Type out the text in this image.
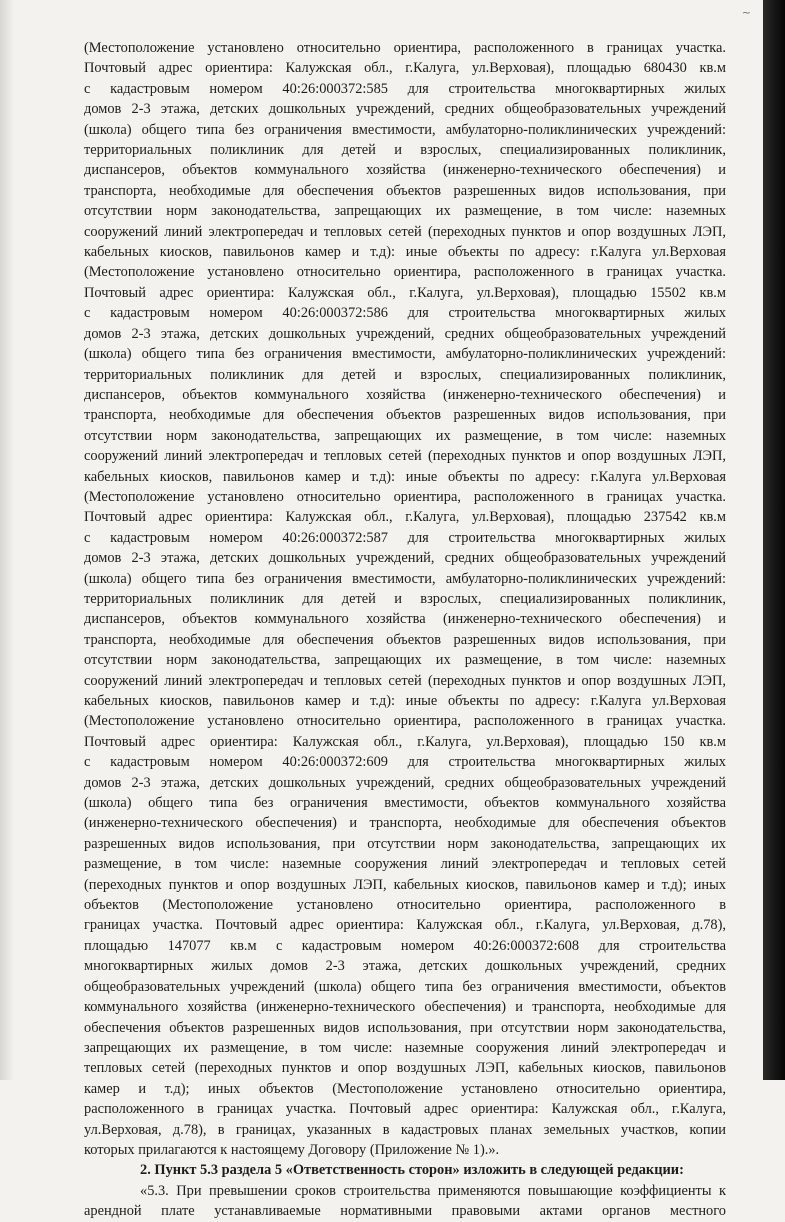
~
(Местоположение установлено относительно ориентира, расположенного в границах участка.
Почтовый адрес ориентира: Калужская обл., г.Калуга, ул.Верховая), площадью 680430 кв.м
с кадастровым номером 40:26:000372:585 для строительства многоквартирных жилых
домов 2-3 этажа, детских дошкольных учреждений, средних общеобразовательных учреждений
(школа) общего типа без ограничения вместимости, амбулаторно-поликлинических учреждений:
территориальных поликлиник для детей и взрослых, специализированных поликлиник,
диспансеров, объектов коммунального хозяйства (инженерно-технического обеспечения) и
транспорта, необходимые для обеспечения объектов разрешенных видов использования, при
отсутствии норм законодательства, запрещающих их размещение, в том числе: наземных
сооружений линий электропередач и тепловых сетей (переходных пунктов и опор воздушных ЛЭП,
кабельных киосков, павильонов камер и т.д): иные объекты по адресу: г.Калуга ул.Верховая
(Местоположение установлено относительно ориентира, расположенного в границах участка.
Почтовый адрес ориентира: Калужская обл., г.Калуга, ул.Верховая), площадью 15502 кв.м
с кадастровым номером 40:26:000372:586 для строительства многоквартирных жилых
домов 2-3 этажа, детских дошкольных учреждений, средних общеобразовательных учреждений
(школа) общего типа без ограничения вместимости, амбулаторно-поликлинических учреждений:
территориальных поликлиник для детей и взрослых, специализированных поликлиник,
диспансеров, объектов коммунального хозяйства (инженерно-технического обеспечения) и
транспорта, необходимые для обеспечения объектов разрешенных видов использования, при
отсутствии норм законодательства, запрещающих их размещение, в том числе: наземных
сооружений линий электропередач и тепловых сетей (переходных пунктов и опор воздушных ЛЭП,
кабельных киосков, павильонов камер и т.д): иные объекты по адресу: г.Калуга ул.Верховая
(Местоположение установлено относительно ориентира, расположенного в границах участка.
Почтовый адрес ориентира: Калужская обл., г.Калуга, ул.Верховая), площадью 237542 кв.м
с кадастровым номером 40:26:000372:587 для строительства многоквартирных жилых
домов 2-3 этажа, детских дошкольных учреждений, средних общеобразовательных учреждений
(школа) общего типа без ограничения вместимости, амбулаторно-поликлинических учреждений:
территориальных поликлиник для детей и взрослых, специализированных поликлиник,
диспансеров, объектов коммунального хозяйства (инженерно-технического обеспечения) и
транспорта, необходимые для обеспечения объектов разрешенных видов использования, при
отсутствии норм законодательства, запрещающих их размещение, в том числе: наземных
сооружений линий электропередач и тепловых сетей (переходных пунктов и опор воздушных ЛЭП,
кабельных киосков, павильонов камер и т.д): иные объекты по адресу: г.Калуга ул.Верховая
(Местоположение установлено относительно ориентира, расположенного в границах участка.
Почтовый адрес ориентира: Калужская обл., г.Калуга, ул.Верховая), площадью 150 кв.м
с кадастровым номером 40:26:000372:609 для строительства многоквартирных жилых
домов 2-3 этажа, детских дошкольных учреждений, средних общеобразовательных учреждений
(школа) общего типа без ограничения вместимости, объектов коммунального хозяйства
(инженерно-технического обеспечения) и транспорта, необходимые для обеспечения объектов
разрешенных видов использования, при отсутствии норм законодательства, запрещающих их
размещение, в том числе: наземные сооружения линий электропередач и тепловых сетей
(переходных пунктов и опор воздушных ЛЭП, кабельных киосков, павильонов камер и т.д); иных
объектов (Местоположение установлено относительно ориентира, расположенного в
границах участка. Почтовый адрес ориентира: Калужская обл., г.Калуга, ул.Верховая, д.78),
площадью 147077 кв.м с кадастровым номером 40:26:000372:608 для строительства
многоквартирных жилых домов 2-3 этажа, детских дошкольных учреждений, средних
общеобразовательных учреждений (школа) общего типа без ограничения вместимости, объектов
коммунального хозяйства (инженерно-технического обеспечения) и транспорта, необходимые для
обеспечения объектов разрешенных видов использования, при отсутствии норм законодательства,
запрещающих их размещение, в том числе: наземные сооружения линий электропередач и
тепловых сетей (переходных пунктов и опор воздушных ЛЭП, кабельных киосков, павильонов
камер и т.д); иных объектов (Местоположение установлено относительно ориентира,
расположенного в границах участка. Почтовый адрес ориентира: Калужская обл., г.Калуга,
ул.Верховая, д.78), в границах, указанных в кадастровых планах земельных участков, копии
которых прилагаются к настоящему Договору (Приложение № 1).».
2. Пункт 5.3 раздела 5 «Ответственность сторон» изложить в следующей редакции:
«5.3. При превышении сроков строительства применяются повышающие коэффициенты к
арендной плате устанавливаемые нормативными правовыми актами органов местного
